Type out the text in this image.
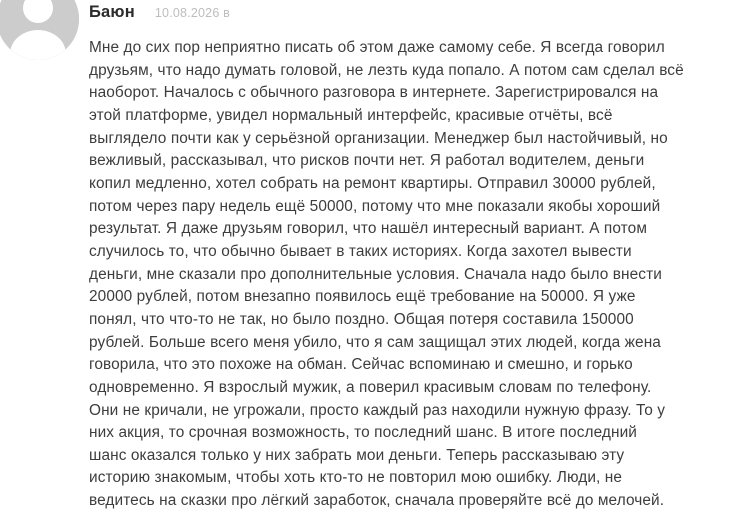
Баюн 10.08.2026 в

Мне до сих пор неприятно писать об этом даже самому себе. Я всегда говорил
друзьям, что надо думать головой, не лезть куда попало. А потом сам сделал всё
наоборот. Началось с обычного разговора в интернете. Зарегистрировался на
этой платформе, увидел нормальный интерфейс, красивые отчёты, всё
выглядело почти как у серьёзной организации. Менеджер был настойчивый, но
вежливый, рассказывал, что рисков почти нет. Я работал водителем, деньги
копил медленно, хотел собрать на ремонт квартиры. Отправил 30000 рублей,
потом через пару недель ещё 50000, потому что мне показали якобы хороший
результат. Я даже друзьям говорил, что нашёл интересный вариант. А потом
случилось то, что обычно бывает в таких историях. Когда захотел вывести
деньги, мне сказали про дополнительные условия. Сначала надо было внести
20000 рублей, потом внезапно появилось ещё требование на 50000. Я уже
понял, что что-то не так, но было поздно. Общая потеря составила 150000
рублей. Больше всего меня убило, что я сам защищал этих людей, когда жена
говорила, что это похоже на обман. Сейчас вспоминаю и смешно, и горько
одновременно. Я взрослый мужик, а поверил красивым словам по телефону.
Они не кричали, не угрожали, просто каждый раз находили нужную фразу. То у
них акция, то срочная возможность, то последний шанс. В итоге последний
шанс оказался только у них забрать мои деньги. Теперь рассказываю эту
историю знакомым, чтобы хоть кто-то не повторил мою ошибку. Люди, не
ведитесь на сказки про лёгкий заработок, сначала проверяйте всё до мелочей.
